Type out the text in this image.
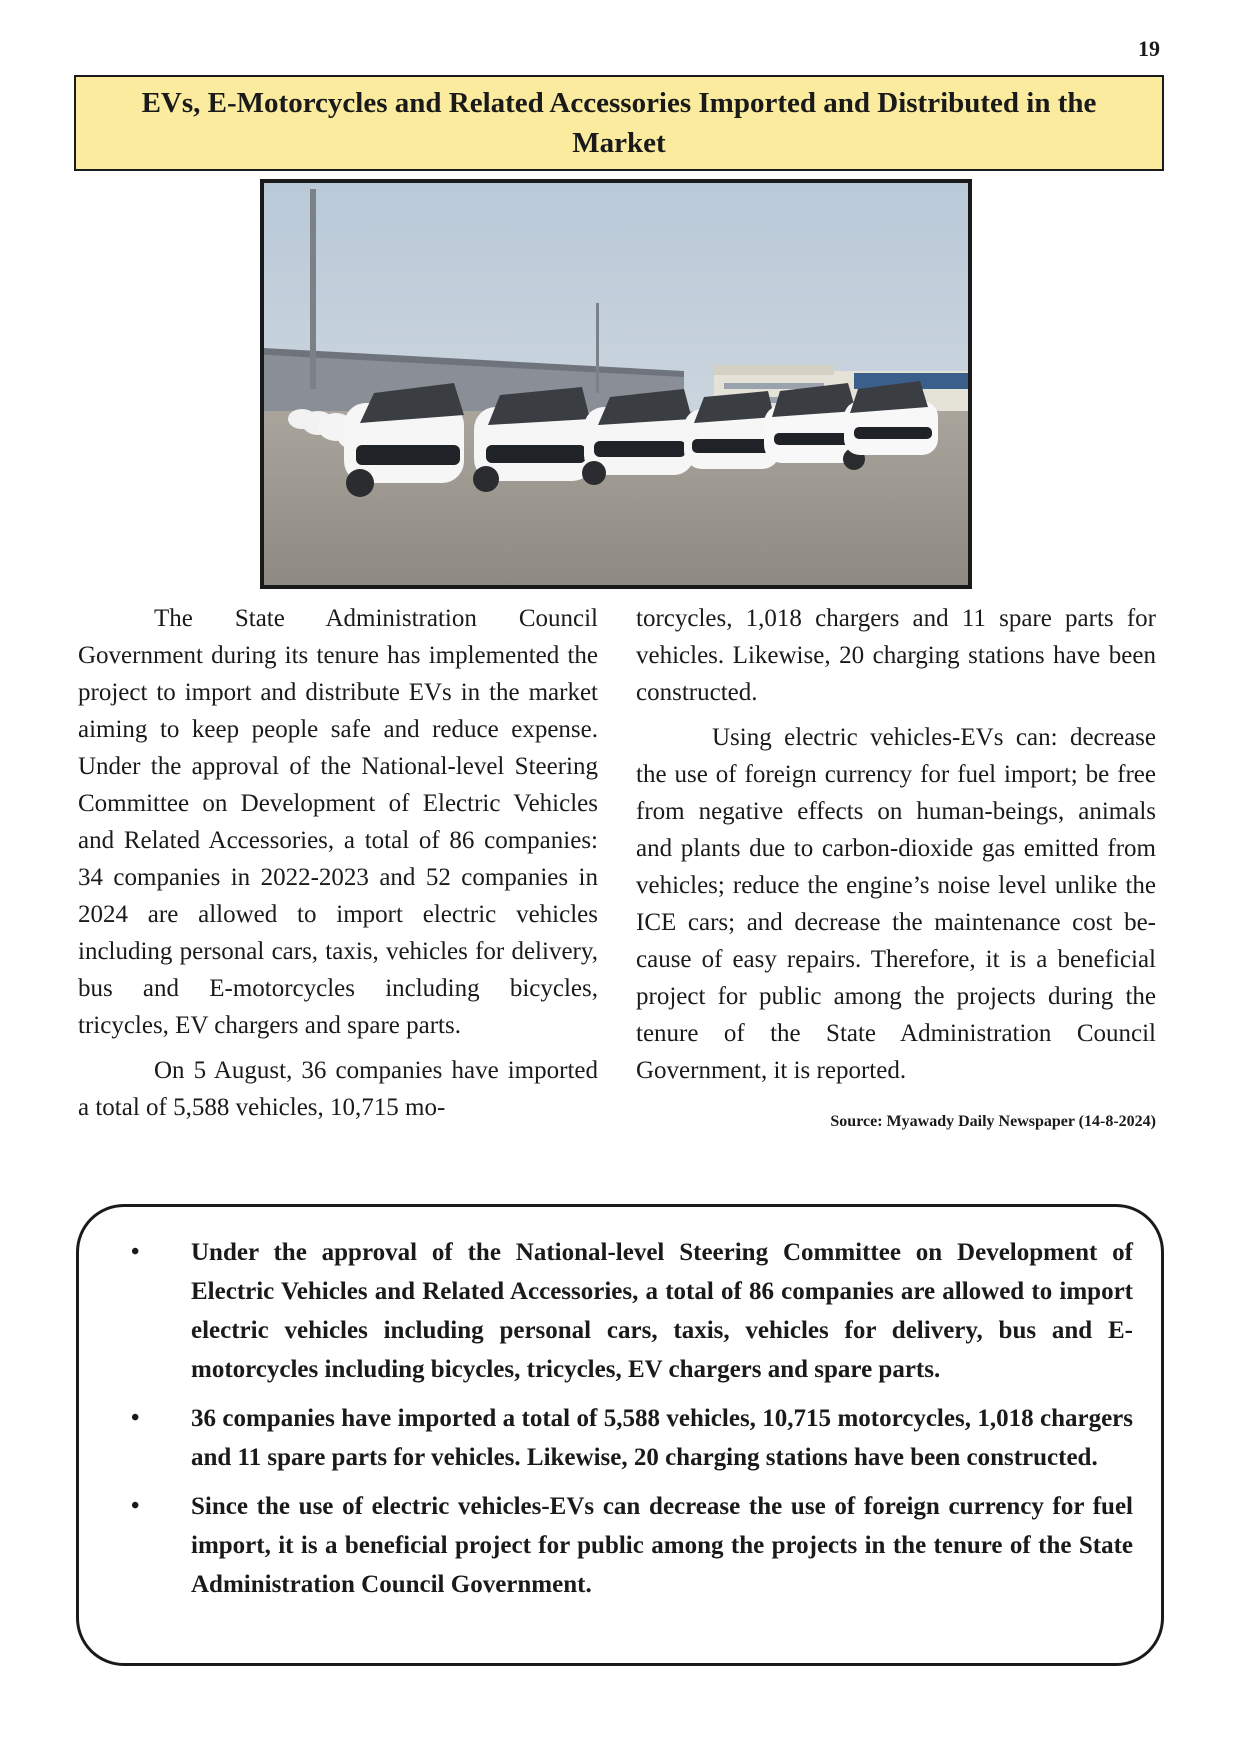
19
EVs, E-Motorcycles and Related Accessories Imported and Distributed in the Market

The State Administration Council Government during its tenure has implemented the project to import and distribute EVs in the market aiming to keep people safe and reduce expense. Under the approval of the National-level Steering Committee on Development of Electric Vehicles and Related Accessories, a total of 86 companies: 34 companies in 2022-2023 and 52 companies in 2024 are allowed to import electric vehicles including personal cars, taxis, vehicles for delivery, bus and E-motorcycles including bicycles, tricycles, EV chargers and spare parts.

On 5 August, 36 companies have imported a total of 5,588 vehicles, 10,715 mo-

torcycles, 1,018 chargers and 11 spare parts for vehicles. Likewise, 20 charging stations have been constructed.

Using electric vehicles-EVs can: decrease the use of foreign currency for fuel import; be free from negative effects on human-beings, animals and plants due to carbon-dioxide gas emitted from vehicles; reduce the engine’s noise level unlike the ICE cars; and decrease the maintenance cost because of easy repairs. Therefore, it is a beneficial project for public among the projects during the tenure of the State Administration Council Government, it is reported.

Source: Myawady Daily Newspaper (14-8-2024)
• Under the approval of the National-level Steering Committee on Development of Electric Vehicles and Related Accessories, a total of 86 companies are allowed to import electric vehicles including personal cars, taxis, vehicles for delivery, bus and E-motorcycles including bicycles, tricycles, EV chargers and spare parts.
• 36 companies have imported a total of 5,588 vehicles, 10,715 motorcycles, 1,018 chargers and 11 spare parts for vehicles. Likewise, 20 charging stations have been constructed.
• Since the use of electric vehicles-EVs can decrease the use of foreign currency for fuel import, it is a beneficial project for public among the projects in the tenure of the State Administration Council Government.
